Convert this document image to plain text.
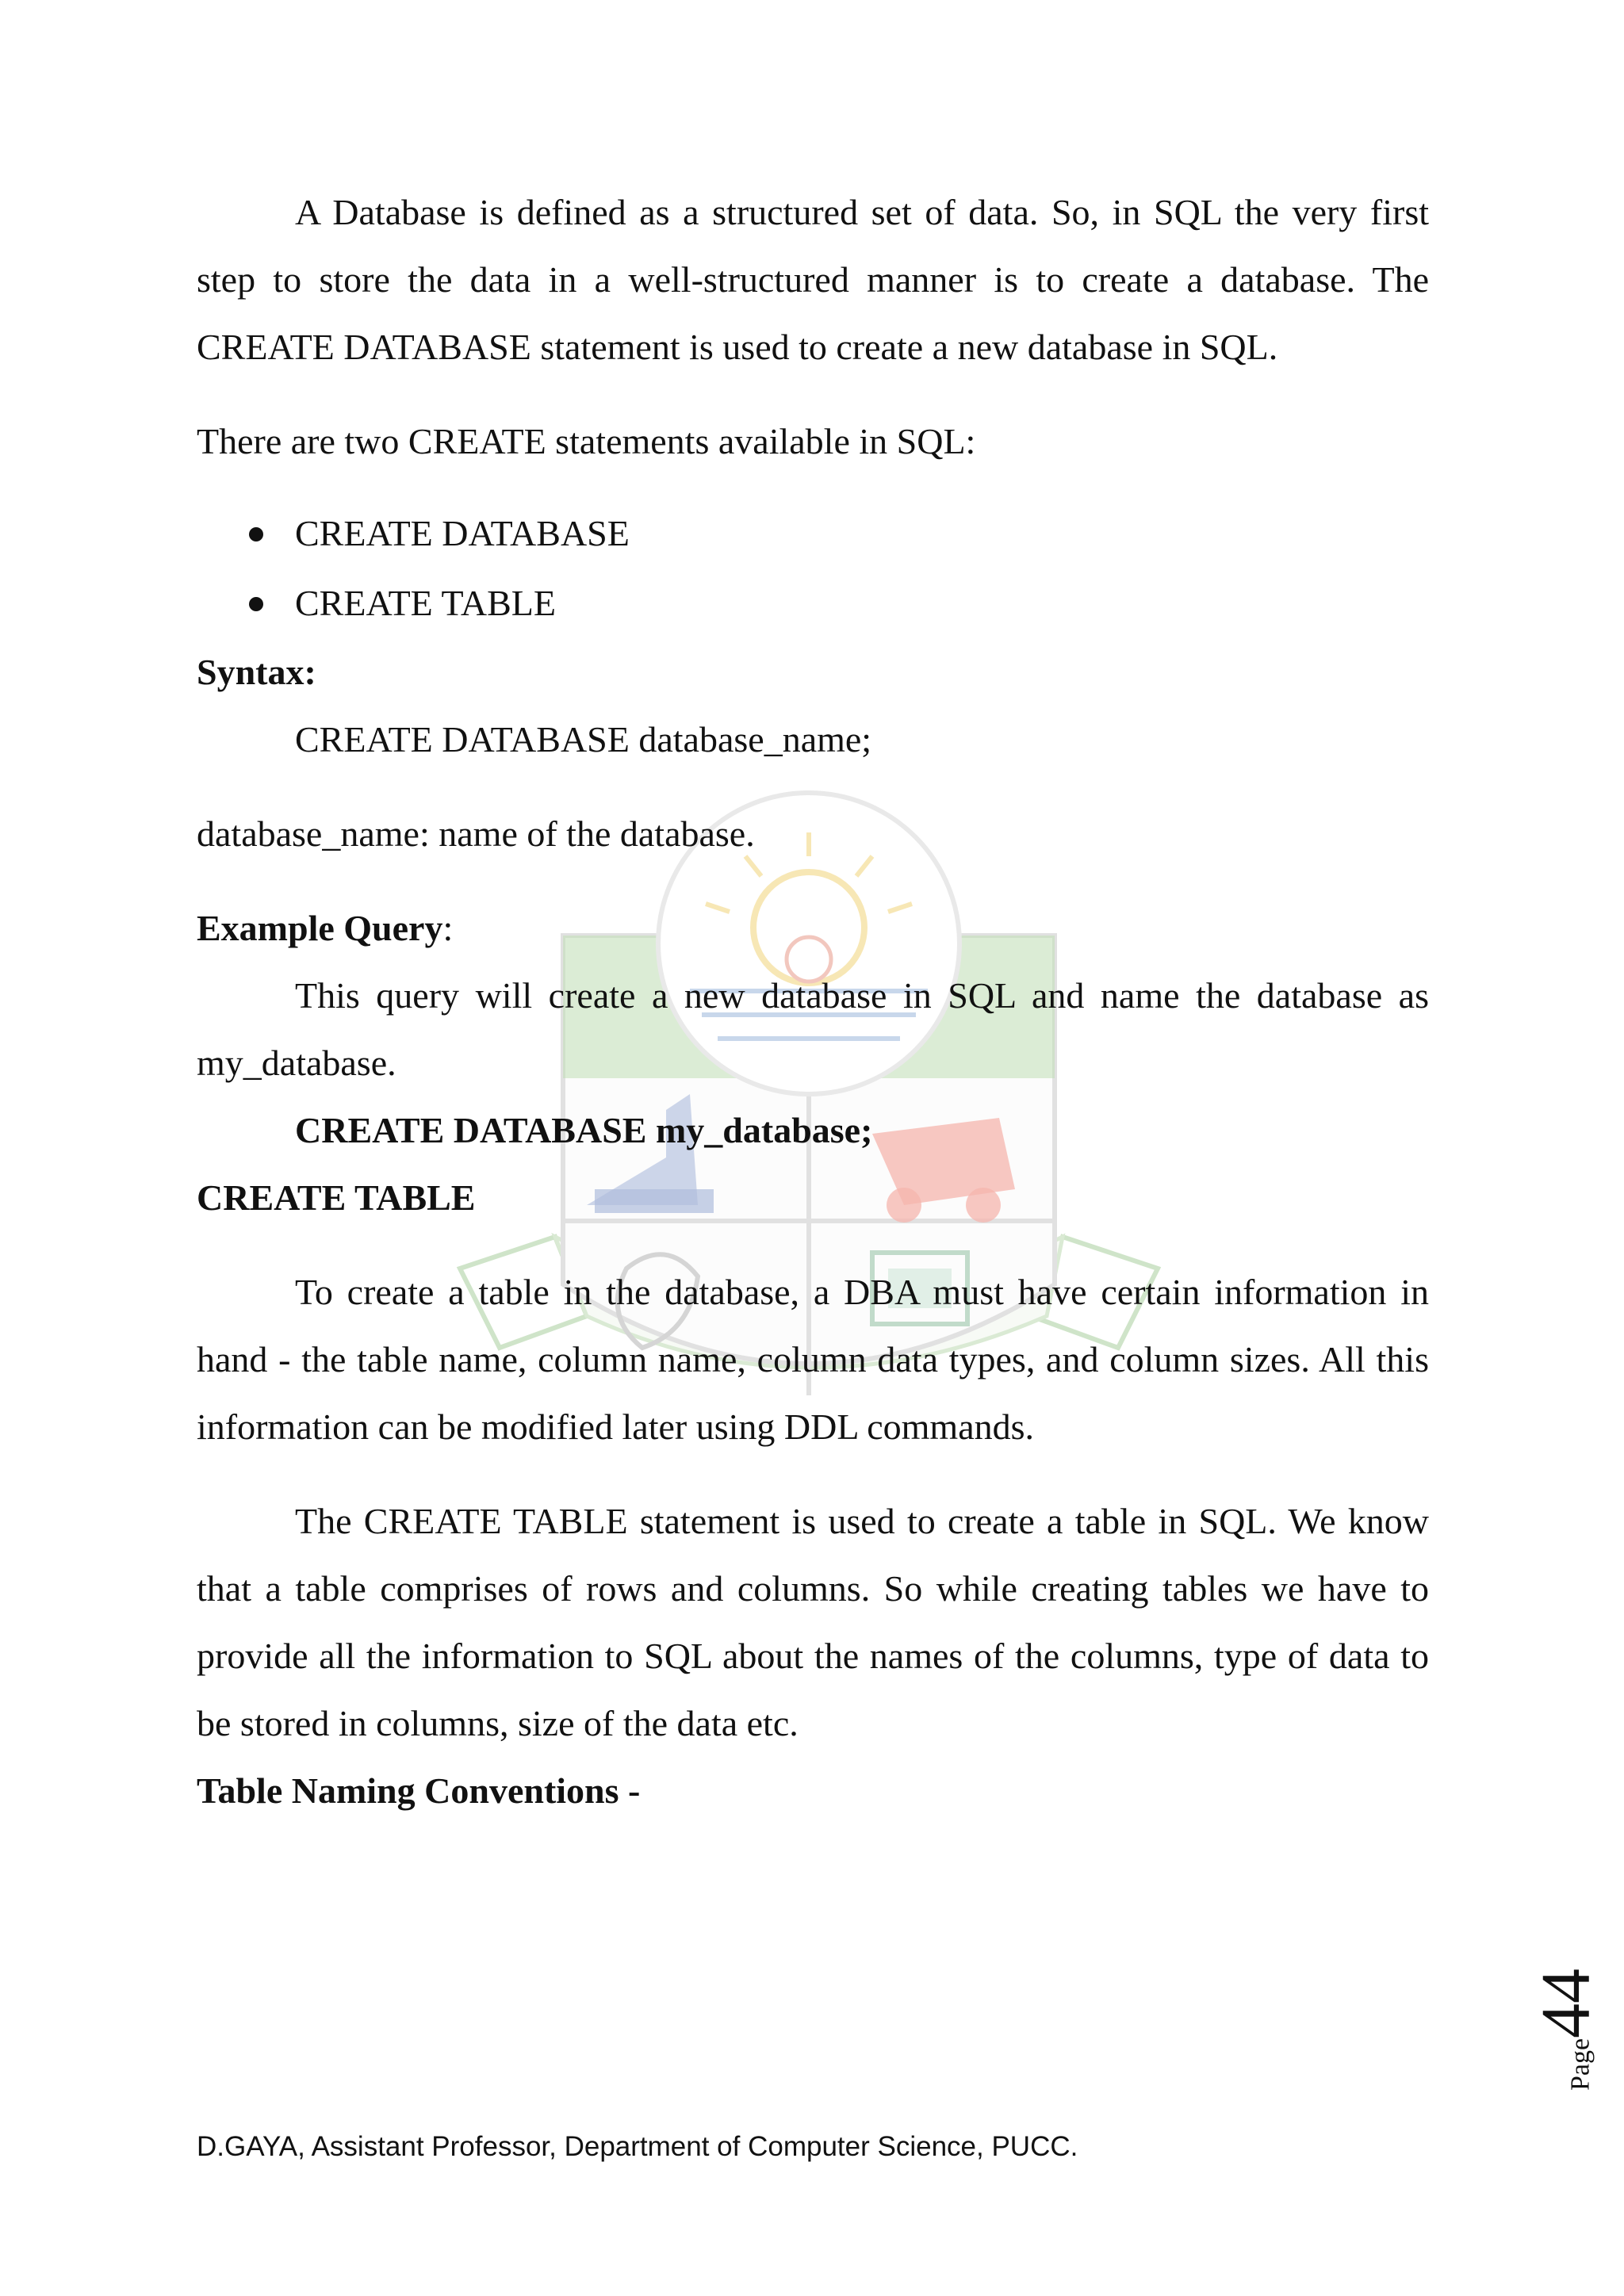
A Database is defined as a structured set of data. So, in SQL the very first step to store the data in a well-structured manner is to create a database. The CREATE DATABASE statement is used to create a new database in SQL.

There are two CREATE statements available in SQL:

CREATE DATABASE
CREATE TABLE

Syntax:

CREATE DATABASE database_name;

database_name: name of the database.

Example Query:

This query will create a new database in SQL and name the database as my_database.

CREATE DATABASE my_database;

CREATE TABLE

To create a table in the database, a DBA must have certain information in hand - the table name, column name, column data types, and column sizes. All this information can be modified later using DDL commands.

The CREATE TABLE statement is used to create a table in SQL. We know that a table comprises of rows and columns. So while creating tables we have to provide all the information to SQL about the names of the columns, type of data to be stored in columns, size of the data etc.

Table Naming Conventions -

Page44
D.GAYA, Assistant Professor, Department of Computer Science, PUCC.
